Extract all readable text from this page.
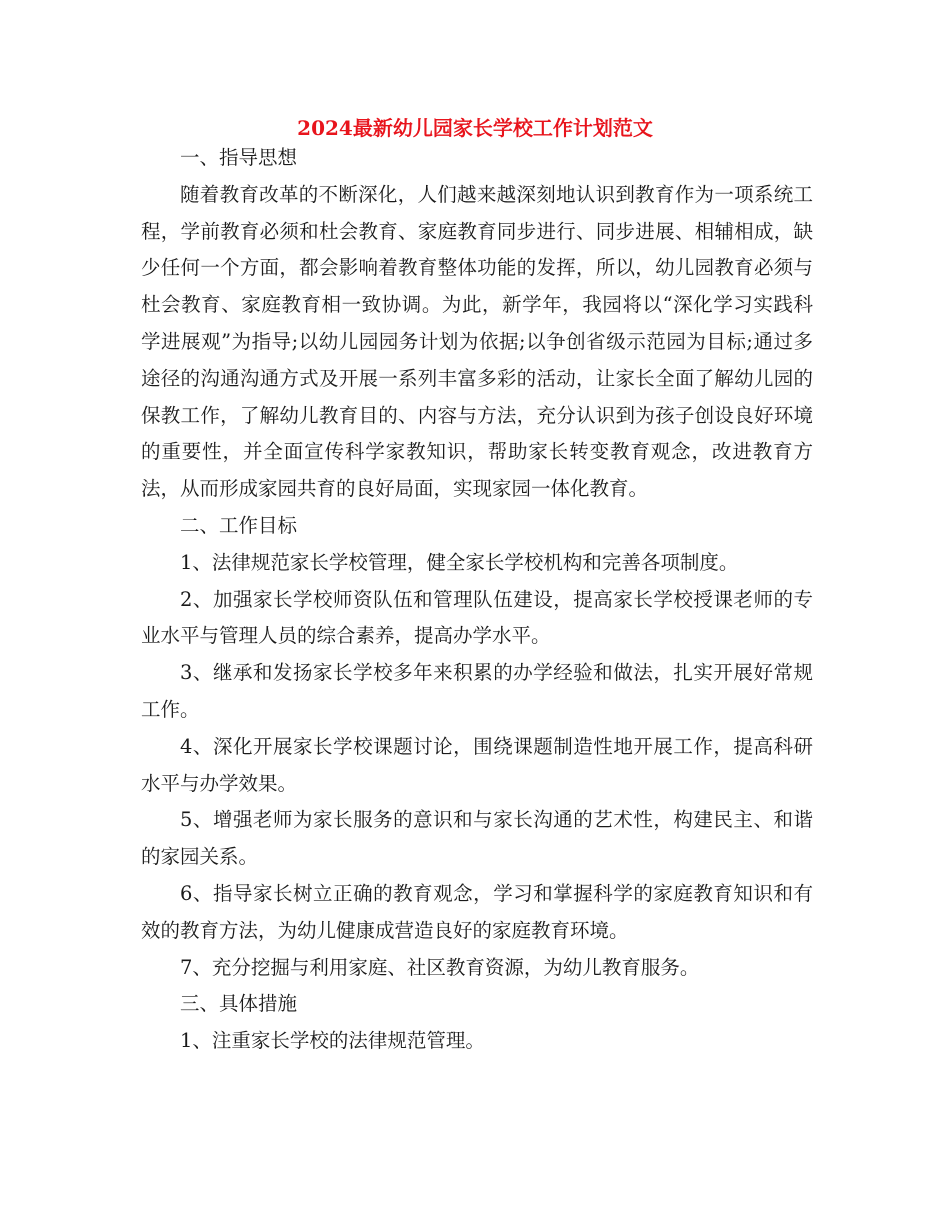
2024最新幼儿园家长学校工作计划范文

一、指导思想

随着教育改革的不断深化，人们越来越深刻地认识到教育作为一项系统工程，学前教育必须和杜会教育、家庭教育同步进行、同步进展、相辅相成，缺少任何一个方面，都会影响着教育整体功能的发挥，所以，幼儿园教育必须与杜会教育、家庭教育相一致协调。为此，新学年，我园将以“深化学习实践科学进展观”为指导;以幼儿园园务计划为依据;以争创省级示范园为目标;通过多途径的沟通沟通方式及开展一系列丰富多彩的活动，让家长全面了解幼儿园的保教工作，了解幼儿教育目的、内容与方法，充分认识到为孩子创设良好环境的重要性，并全面宣传科学家教知识，帮助家长转变教育观念，改进教育方法，从而形成家园共育的良好局面，实现家园一体化教育。

二、工作目标

1、法律规范家长学校管理，健全家长学校机构和完善各项制度。

2、加强家长学校师资队伍和管理队伍建设，提高家长学校授课老师的专业水平与管理人员的综合素养，提高办学水平。

3、继承和发扬家长学校多年来积累的办学经验和做法，扎实开展好常规工作。

4、深化开展家长学校课题讨论，围绕课题制造性地开展工作，提高科研水平与办学效果。

5、增强老师为家长服务的意识和与家长沟通的艺术性，构建民主、和谐的家园关系。

6、指导家长树立正确的教育观念，学习和掌握科学的家庭教育知识和有效的教育方法，为幼儿健康成营造良好的家庭教育环境。

7、充分挖掘与利用家庭、社区教育资源，为幼儿教育服务。

三、具体措施

1、注重家长学校的法律规范管理。
